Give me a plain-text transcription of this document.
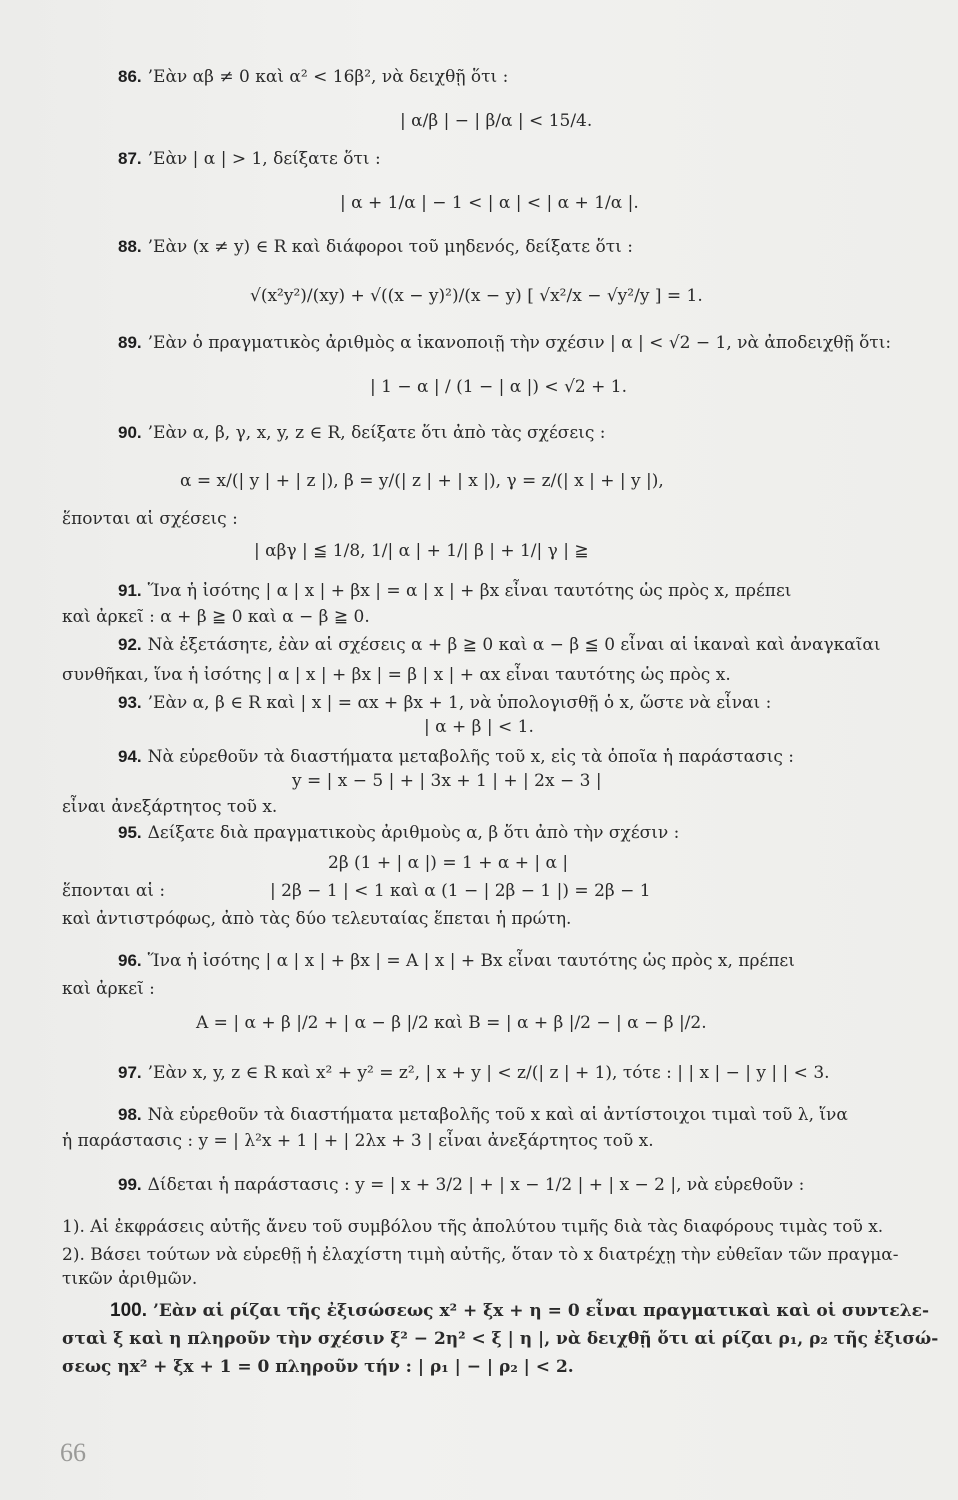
86. ’Εὰν αβ ≠ 0 καὶ α² < 16β², νὰ δειχθῇ ὅτι :
| α/β | − | β/α | < 15/4.
87. ’Εὰν | α | > 1, δείξατε ὅτι :
| α + 1/α | − 1 < | α | < | α + 1/α |.
88. ’Εὰν (x ≠ y) ∈ R καὶ διάφοροι τοῦ μηδενός, δείξατε ὅτι :
√(x²y²)/(xy) + √((x − y)²)/(x − y) [ √x²/x − √y²/y ] = 1.
89. ’Εὰν ὁ πραγματικὸς ἀριθμὸς α ἱκανοποιῇ τὴν σχέσιν | α | < √2 − 1, νὰ ἀποδειχθῇ ὅτι:
| 1 − α | / (1 − | α |) < √2 + 1.
90. ’Εὰν α, β, γ, x, y, z ∈ R, δείξατε ὅτι ἀπὸ τὰς σχέσεις :
α = x/(| y | + | z |), β = y/(| z | + | x |), γ = z/(| x | + | y |),
ἕπονται αἱ σχέσεις :
| αβγ | ≦ 1/8, 1/| α | + 1/| β | + 1/| γ | ≧
91. Ἵνα ἡ ἰσότης | α | x | + βx | = α | x | + βx εἶναι ταυτότης ὡς πρὸς x, πρέπει
καὶ ἀρκεῖ : α + β ≧ 0 καὶ α − β ≧ 0.
92. Νὰ ἐξετάσητε, ἐὰν αἱ σχέσεις α + β ≧ 0 καὶ α − β ≦ 0 εἶναι αἱ ἱκαναὶ καὶ ἀναγκαῖαι
συνθῆκαι, ἵνα ἡ ἰσότης | α | x | + βx | = β | x | + αx εἶναι ταυτότης ὡς πρὸς x.
93. ’Εὰν α, β ∈ R καὶ | x | = αx + βx + 1, νὰ ὑπολογισθῇ ὁ x, ὥστε νὰ εἶναι :
| α + β | < 1.
94. Νὰ εὑρεθοῦν τὰ διαστήματα μεταβολῆς τοῦ x, εἰς τὰ ὁποῖα ἡ παράστασις :
y = | x − 5 | + | 3x + 1 | + | 2x − 3 |
εἶναι ἀνεξάρτητος τοῦ x.
95. Δείξατε διὰ πραγματικοὺς ἀριθμοὺς α, β ὅτι ἀπὸ τὴν σχέσιν :
2β (1 + | α |) = 1 + α + | α |
ἕπονται αἱ :	| 2β − 1 | < 1 καὶ α (1 − | 2β − 1 |) = 2β − 1
καὶ ἀντιστρόφως, ἀπὸ τὰς δύο τελευταίας ἕπεται ἡ πρώτη.
96. Ἵνα ἡ ἰσότης | α | x | + βx | = A | x | + Bx εἶναι ταυτότης ὡς πρὸς x, πρέπει
καὶ ἀρκεῖ :
A = | α + β |/2 + | α − β |/2 καὶ B = | α + β |/2 − | α − β |/2.
97. ’Εὰν x, y, z ∈ R καὶ x² + y² = z², | x + y | < z/(| z | + 1), τότε : | | x | − | y | | < 3.
98. Νὰ εὑρεθοῦν τὰ διαστήματα μεταβολῆς τοῦ x καὶ αἱ ἀντίστοιχοι τιμαὶ τοῦ λ, ἵνα
ἡ παράστασις : y = | λ²x + 1 | + | 2λx + 3 | εἶναι ἀνεξάρτητος τοῦ x.
99. Δίδεται ἡ παράστασις : y = | x + 3/2 | + | x − 1/2 | + | x − 2 |, νὰ εὑρεθοῦν :
1). Αἱ ἐκφράσεις αὐτῆς ἄνευ τοῦ συμβόλου τῆς ἀπολύτου τιμῆς διὰ τὰς διαφόρους τιμὰς τοῦ x.
2). Βάσει τούτων νὰ εὑρεθῇ ἡ ἐλαχίστη τιμὴ αὐτῆς, ὅταν τὸ x διατρέχῃ τὴν εὐθεῖαν τῶν πραγμα-
τικῶν ἀριθμῶν.
100. ’Εὰν αἱ ρίζαι τῆς ἐξισώσεως x² + ξx + η = 0 εἶναι πραγματικαὶ καὶ οἱ συντελε-
σταὶ ξ καὶ η πληροῦν τὴν σχέσιν ξ² − 2η² < ξ | η |, νὰ δειχθῇ ὅτι αἱ ρίζαι ρ₁, ρ₂ τῆς ἐξισώ-
σεως ηx² + ξx + 1 = 0 πληροῦν τήν : | ρ₁ | − | ρ₂ | < 2.
66
